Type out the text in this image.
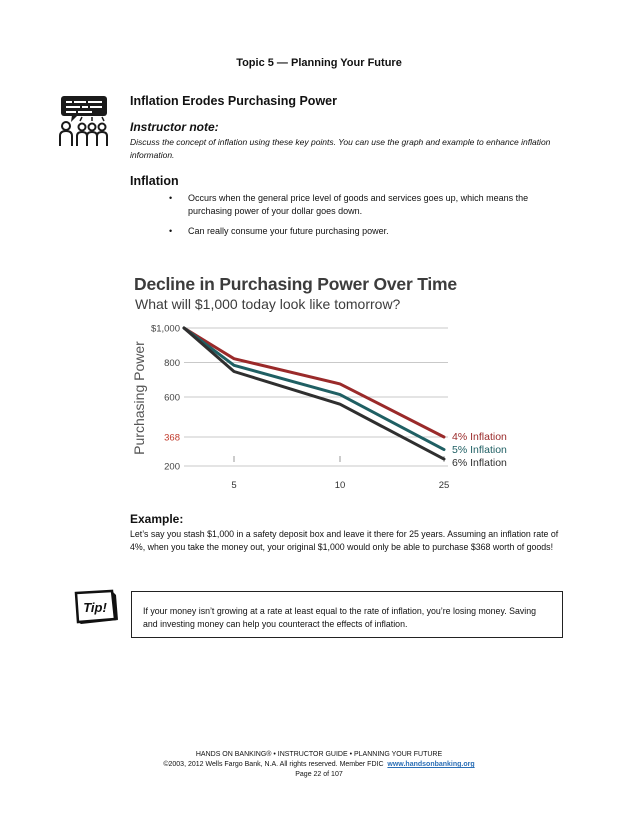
Topic 5 — Planning Your Future
Inflation Erodes Purchasing Power
Instructor note:
Discuss the concept of inflation using these key points. You can use the graph and example to enhance inflation information.
Inflation
• Occurs when the general price level of goods and services goes up, which means the purchasing power of your dollar goes down.
• Can really consume your future purchasing power.
Decline in Purchasing Power Over Time
What will $1,000 today look like tomorrow?
Purchasing Power
$1,000
800
600
368
200
5	10	25
4% Inflation
5% Inflation
6% Inflation
Example:
Let’s say you stash $1,000 in a safety deposit box and leave it there for 25 years. Assuming an inflation rate of 4%, when you take the money out, your original $1,000 would only be able to purchase $368 worth of goods!
Tip!	If your money isn’t growing at a rate at least equal to the rate of inflation, you’re losing money. Saving and investing money can help you counteract the effects of inflation.
HANDS ON BANKING® • INSTRUCTOR GUIDE • PLANNING YOUR FUTURE
©2003, 2012 Wells Fargo Bank, N.A. All rights reserved. Member FDIC www.handsonbanking.org
Page 22 of 107
